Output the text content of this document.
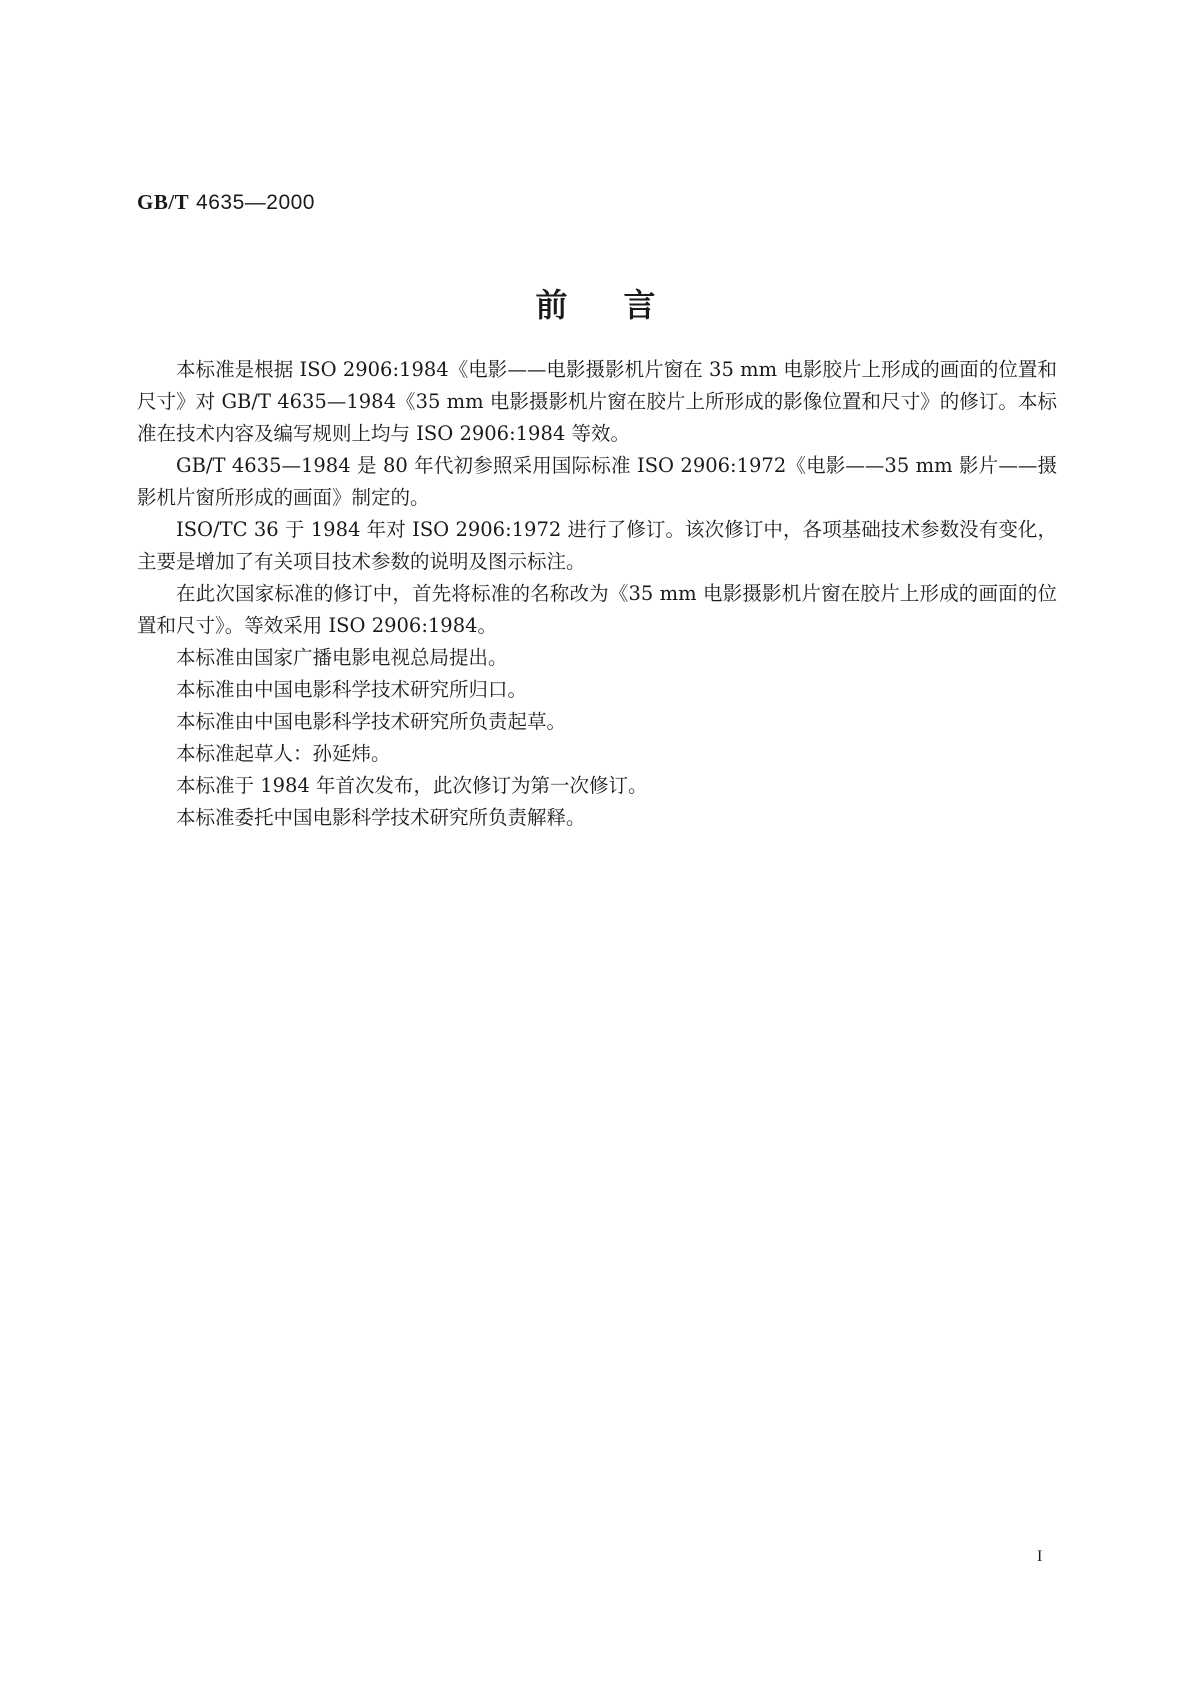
GB/T 4635—2000
前言

本标准是根据 ISO 2906:1984《电影——电影摄影机片窗在 35 mm 电影胶片上形成的画面的位置和尺寸》对 GB/T 4635—1984《35 mm 电影摄影机片窗在胶片上所形成的影像位置和尺寸》的修订。本标准在技术内容及编写规则上均与 ISO 2906:1984 等效。

GB/T 4635—1984 是 80 年代初参照采用国际标准 ISO 2906:1972《电影——35 mm 影片——摄影机片窗所形成的画面》制定的。

ISO/TC 36 于 1984 年对 ISO 2906:1972 进行了修订。该次修订中，各项基础技术参数没有变化，主要是增加了有关项目技术参数的说明及图示标注。

在此次国家标准的修订中，首先将标准的名称改为《35 mm 电影摄影机片窗在胶片上形成的画面的位置和尺寸》。等效采用 ISO 2906:1984。

本标准由国家广播电影电视总局提出。

本标准由中国电影科学技术研究所归口。

本标准由中国电影科学技术研究所负责起草。

本标准起草人：孙延炜。

本标准于 1984 年首次发布，此次修订为第一次修订。

本标准委托中国电影科学技术研究所负责解释。

I
